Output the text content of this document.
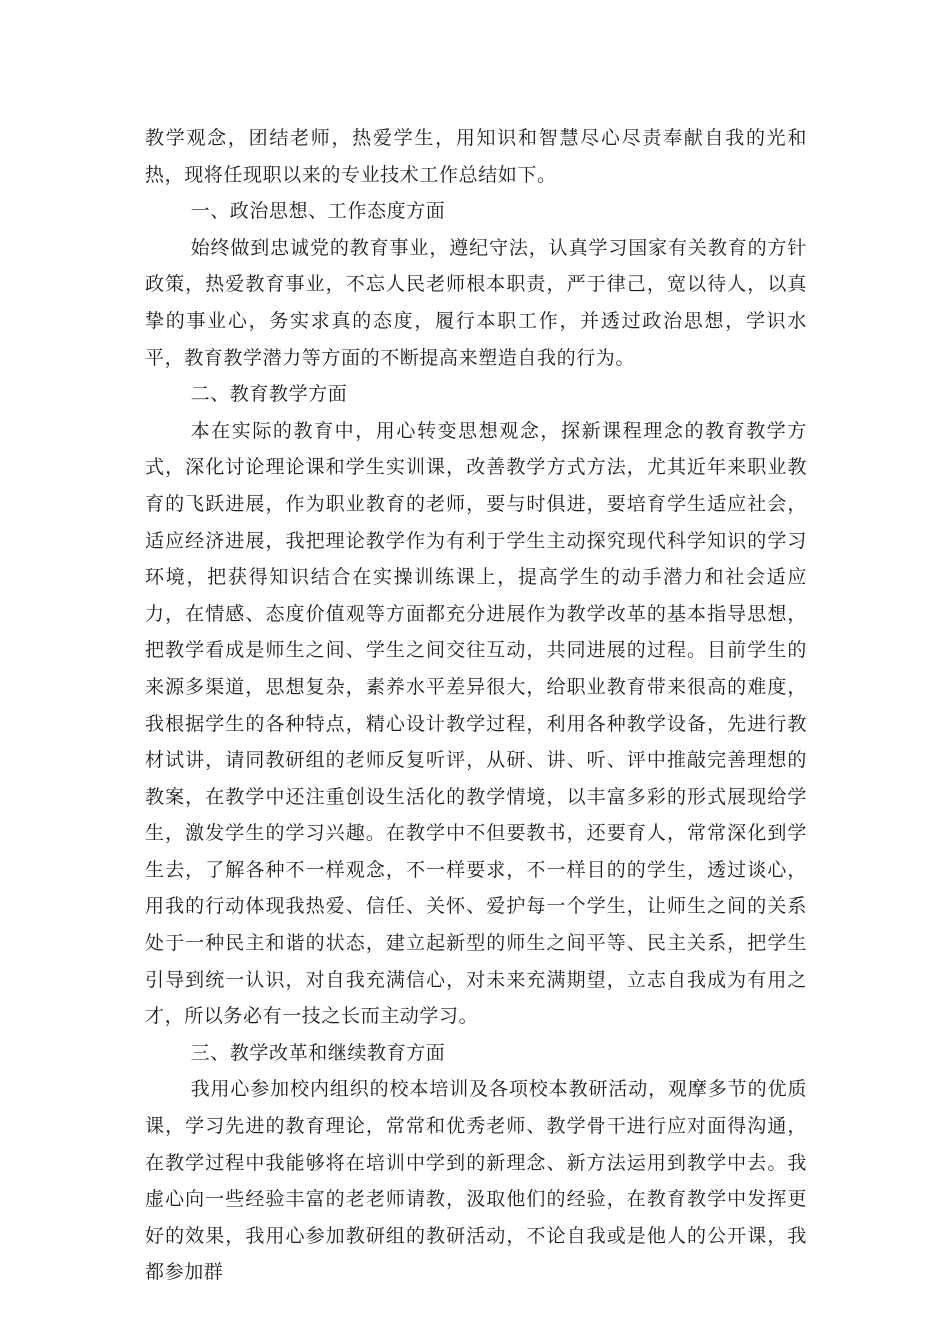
教学观念，团结老师，热爱学生，用知识和智慧尽心尽责奉献自我的光和热，现将任现职以来的专业技术工作总结如下。

一、政治思想、工作态度方面

始终做到忠诚党的教育事业，遵纪守法，认真学习国家有关教育的方针政策，热爱教育事业，不忘人民老师根本职责，严于律己，宽以待人，以真挚的事业心，务实求真的态度，履行本职工作，并透过政治思想，学识水平，教育教学潜力等方面的不断提高来塑造自我的行为。

二、教育教学方面

本在实际的教育中，用心转变思想观念，探新课程理念的教育教学方式，深化讨论理论课和学生实训课，改善教学方式方法，尤其近年来职业教育的飞跃进展，作为职业教育的老师，要与时俱进，要培育学生适应社会，适应经济进展，我把理论教学作为有利于学生主动探究现代科学知识的学习环境，把获得知识结合在实操训练课上，提高学生的动手潜力和社会适应力，在情感、态度价值观等方面都充分进展作为教学改革的基本指导思想，把教学看成是师生之间、学生之间交往互动，共同进展的过程。目前学生的来源多渠道，思想复杂，素养水平差异很大，给职业教育带来很高的难度，我根据学生的各种特点，精心设计教学过程，利用各种教学设备，先进行教材试讲，请同教研组的老师反复听评，从研、讲、听、评中推敲完善理想的教案，在教学中还注重创设生活化的教学情境，以丰富多彩的形式展现给学生，激发学生的学习兴趣。在教学中不但要教书，还要育人，常常深化到学生去，了解各种不一样观念，不一样要求，不一样目的的学生，透过谈心，用我的行动体现我热爱、信任、关怀、爱护每一个学生，让师生之间的关系处于一种民主和谐的状态，建立起新型的师生之间平等、民主关系，把学生引导到统一认识，对自我充满信心，对未来充满期望，立志自我成为有用之才，所以务必有一技之长而主动学习。

三、教学改革和继续教育方面

我用心参加校内组织的校本培训及各项校本教研活动，观摩多节的优质课，学习先进的教育理论，常常和优秀老师、教学骨干进行应对面得沟通，在教学过程中我能够将在培训中学到的新理念、新方法运用到教学中去。我虚心向一些经验丰富的老老师请教，汲取他们的经验，在教育教学中发挥更好的效果，我用心参加教研组的教研活动，不论自我或是他人的公开课，我都参加群
